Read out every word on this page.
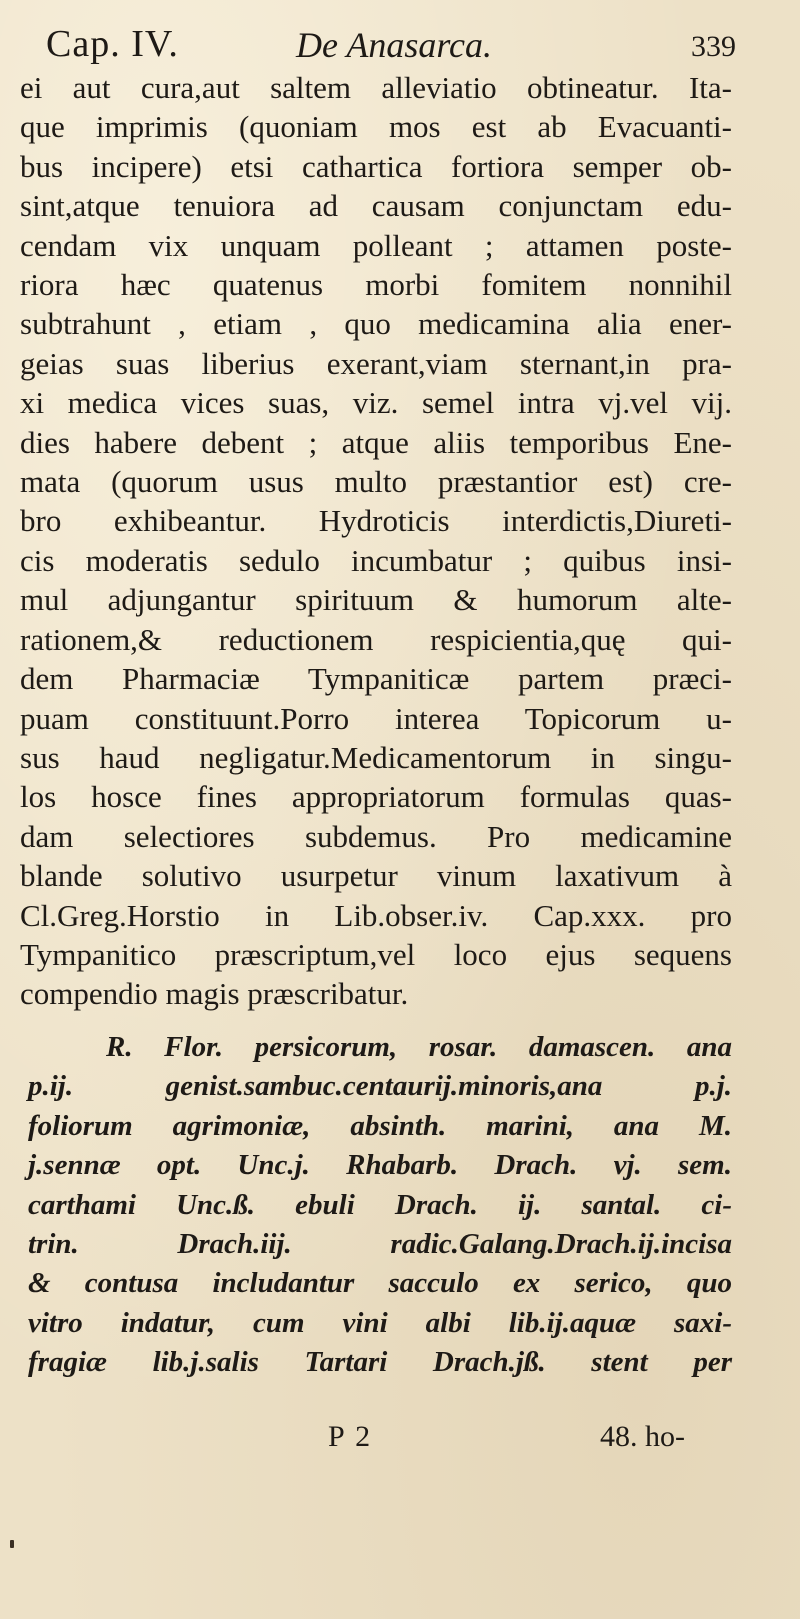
Cap. IV.	De Anasarca.	339
ei aut cura,aut saltem alleviatio obtineatur. Ita-
que imprimis (quoniam mos est ab Evacuanti-
bus incipere) etsi cathartica fortiora semper ob-
sint,atque tenuiora ad causam conjunctam edu-
cendam vix unquam polleant ; attamen poste-
riora hæc quatenus morbi fomitem nonnihil
subtrahunt , etiam , quo medicamina alia ener-
geias suas liberius exerant,viam sternant,in pra-
xi medica vices suas, viz. semel intra vj.vel vij.
dies habere debent ; atque aliis temporibus Ene-
mata (quorum usus multo præstantior est) cre-
bro exhibeantur. Hydroticis interdictis,Diureti-
cis moderatis sedulo incumbatur ; quibus insi-
mul adjungantur spirituum & humorum alte-
rationem,& reductionem respicientia,quę qui-
dem Pharmaciæ Tympaniticæ partem præci-
puam constituunt.Porro interea Topicorum u-
sus haud negligatur.Medicamentorum in singu-
los hosce fines appropriatorum formulas quas-
dam selectiores subdemus. Pro medicamine
blande solutivo usurpetur vinum laxativum à
Cl.Greg.Horstio in Lib.obser.iv. Cap.xxx. pro
Tympanitico præscriptum,vel loco ejus sequens
compendio magis præscribatur.
R. Flor. persicorum, rosar. damascen. ana
p.ij. genist.sambuc.centaurij.minoris,ana p.j.
foliorum agrimoniæ, absinth. marini, ana M.
j.sennæ opt. Unc.j. Rhabarb. Drach. vj. sem.
carthami Unc.ß. ebuli Drach. ij. santal. ci-
trin. Drach.iij. radic.Galang.Drach.ij.incisa
& contusa includantur sacculo ex serico, quo
vitro indatur, cum vini albi lib.ij.aquæ saxi-
fragiæ lib.j.salis Tartari Drach.jß. stent per
P 2	48. ho-
